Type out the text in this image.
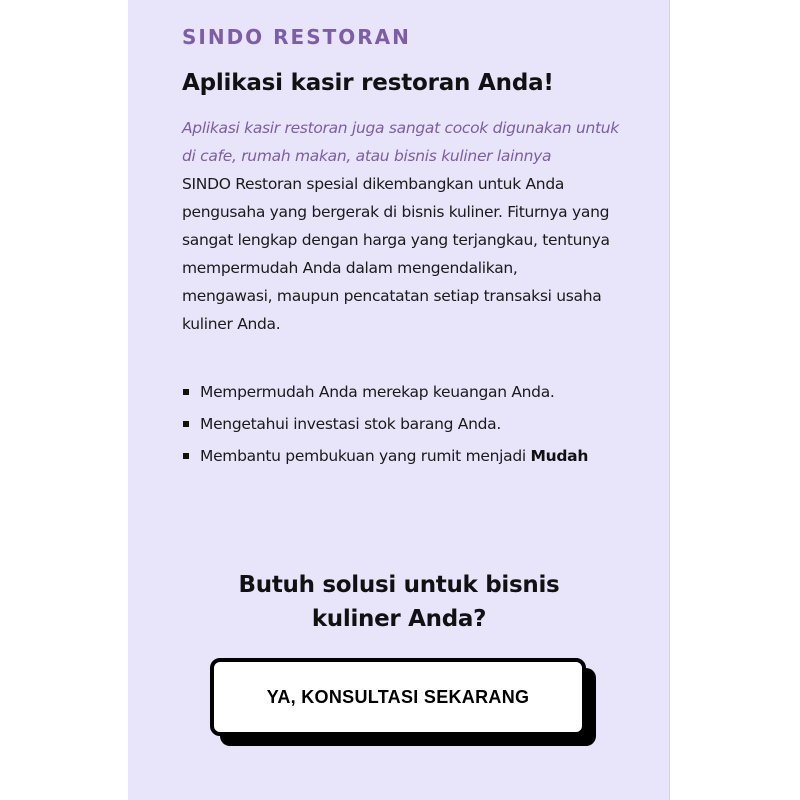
SINDO RESTORAN
Aplikasi kasir restoran Anda!

Aplikasi kasir restoran juga sangat cocok digunakan untuk di cafe, rumah makan, atau bisnis kuliner lainnya

SINDO Restoran spesial dikembangkan untuk Anda pengusaha yang bergerak di bisnis kuliner. Fiturnya yang sangat lengkap dengan harga yang terjangkau, tentunya mempermudah Anda dalam mengendalikan, mengawasi, maupun pencatatan setiap transaksi usaha kuliner Anda.

Mempermudah Anda merekap keuangan Anda.
Mengetahui investasi stok barang Anda.
Membantu pembukuan yang rumit menjadi Mudah
Butuh solusi untuk bisnis kuliner Anda?
YA, KONSULTASI SEKARANG
